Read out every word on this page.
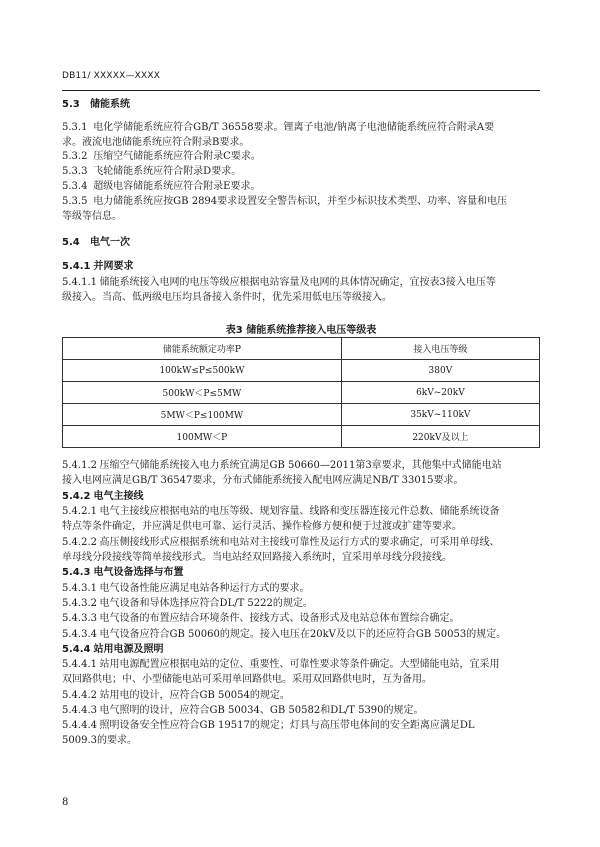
DB11/ XXXXX—XXXX
5.3 储能系统
5.3.1 电化学储能系统应符合GB/T 36558要求。锂离子电池/钠离子电池储能系统应符合附录A要
求。液流电池储能系统应符合附录B要求。
5.3.2 压缩空气储能系统应符合附录C要求。
5.3.3 飞轮储能系统应符合附录D要求。
5.3.4 超级电容储能系统应符合附录E要求。
5.3.5 电力储能系统应按GB 2894要求设置安全警告标识，并至少标识技术类型、功率、容量和电压
等级等信息。
5.4 电气一次
5.4.1 并网要求
5.4.1.1 储能系统接入电网的电压等级应根据电站容量及电网的具体情况确定，宜按表3接入电压等
级接入。当高、低两级电压均具备接入条件时，优先采用低电压等级接入。
表3 储能系统推荐接入电压等级表
储能系统额定功率P	接入电压等级
100kW≤P≤500kW	380V
500kW＜P≤5MW	6kV~20kV
5MW＜P≤100MW	35kV~110kV
100MW＜P	220kV及以上
5.4.1.2 压缩空气储能系统接入电力系统宜满足GB 50660—2011第3章要求，其他集中式储能电站
接入电网应满足GB/T 36547要求，分布式储能系统接入配电网应满足NB/T 33015要求。
5.4.2 电气主接线
5.4.2.1 电气主接线应根据电站的电压等级、规划容量、线路和变压器连接元件总数、储能系统设备
特点等条件确定，并应满足供电可靠、运行灵活、操作检修方便和便于过渡或扩建等要求。
5.4.2.2 高压侧接线形式应根据系统和电站对主接线可靠性及运行方式的要求确定，可采用单母线、
单母线分段接线等简单接线形式。当电站经双回路接入系统时，宜采用单母线分段接线。
5.4.3 电气设备选择与布置
5.4.3.1 电气设备性能应满足电站各种运行方式的要求。
5.4.3.2 电气设备和导体选择应符合DL/T 5222的规定。
5.4.3.3 电气设备的布置应结合环境条件、接线方式、设备形式及电站总体布置综合确定。
5.4.3.4 电气设备应符合GB 50060的规定。接入电压在20kV及以下的还应符合GB 50053的规定。
5.4.4 站用电源及照明
5.4.4.1 站用电源配置应根据电站的定位、重要性、可靠性要求等条件确定。大型储能电站，宜采用
双回路供电；中、小型储能电站可采用单回路供电。采用双回路供电时，互为备用。
5.4.4.2 站用电的设计，应符合GB 50054的规定。
5.4.4.3 电气照明的设计，应符合GB 50034、GB 50582和DL/T 5390的规定。
5.4.4.4 照明设备安全性应符合GB 19517的规定；灯具与高压带电体间的安全距离应满足DL
5009.3的要求。
8
